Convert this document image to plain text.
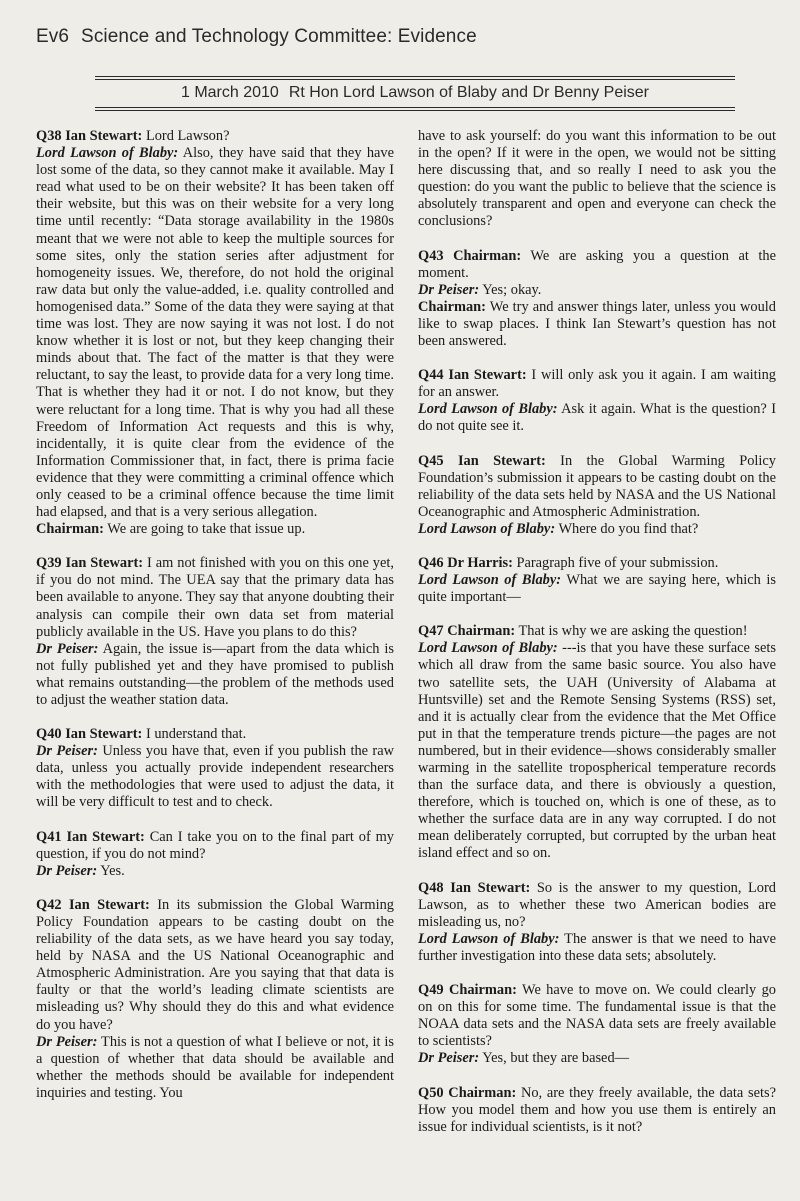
Ev6 Science and Technology Committee: Evidence
1 March 2010 Rt Hon Lord Lawson of Blaby and Dr Benny Peiser

Q38 Ian Stewart: Lord Lawson?

Lord Lawson of Blaby: Also, they have said that they have lost some of the data, so they cannot make it available. May I read what used to be on their website? It has been taken off their website, but this was on their website for a very long time until recently: “Data storage availability in the 1980s meant that we were not able to keep the multiple sources for some sites, only the station series after adjustment for homogeneity issues. We, therefore, do not hold the original raw data but only the value-added, i.e. quality controlled and homogenised data.” Some of the data they were saying at that time was lost. They are now saying it was not lost. I do not know whether it is lost or not, but they keep changing their minds about that. The fact of the matter is that they were reluctant, to say the least, to provide data for a very long time. That is whether they had it or not. I do not know, but they were reluctant for a long time. That is why you had all these Freedom of Information Act requests and this is why, incidentally, it is quite clear from the evidence of the Information Commissioner that, in fact, there is prima facie evidence that they were committing a criminal offence which only ceased to be a criminal offence because the time limit had elapsed, and that is a very serious allegation.

Chairman: We are going to take that issue up.

Q39 Ian Stewart: I am not finished with you on this one yet, if you do not mind. The UEA say that the primary data has been available to anyone. They say that anyone doubting their analysis can compile their own data set from material publicly available in the US. Have you plans to do this?

Dr Peiser: Again, the issue is—apart from the data which is not fully published yet and they have promised to publish what remains outstanding—the problem of the methods used to adjust the weather station data.

Q40 Ian Stewart: I understand that.

Dr Peiser: Unless you have that, even if you publish the raw data, unless you actually provide independent researchers with the methodologies that were used to adjust the data, it will be very difficult to test and to check.

Q41 Ian Stewart: Can I take you on to the final part of my question, if you do not mind?

Dr Peiser: Yes.

Q42 Ian Stewart: In its submission the Global Warming Policy Foundation appears to be casting doubt on the reliability of the data sets, as we have heard you say today, held by NASA and the US National Oceanographic and Atmospheric Administration. Are you saying that that data is faulty or that the world’s leading climate scientists are misleading us? Why should they do this and what evidence do you have?

Dr Peiser: This is not a question of what I believe or not, it is a question of whether that data should be available and whether the methods should be available for independent inquiries and testing. You

have to ask yourself: do you want this information to be out in the open? If it were in the open, we would not be sitting here discussing that, and so really I need to ask you the question: do you want the public to believe that the science is absolutely transparent and open and everyone can check the conclusions?

Q43 Chairman: We are asking you a question at the moment.

Dr Peiser: Yes; okay.

Chairman: We try and answer things later, unless you would like to swap places. I think Ian Stewart’s question has not been answered.

Q44 Ian Stewart: I will only ask you it again. I am waiting for an answer.

Lord Lawson of Blaby: Ask it again. What is the question? I do not quite see it.

Q45 Ian Stewart: In the Global Warming Policy Foundation’s submission it appears to be casting doubt on the reliability of the data sets held by NASA and the US National Oceanographic and Atmospheric Administration.

Lord Lawson of Blaby: Where do you find that?

Q46 Dr Harris: Paragraph five of your submission.

Lord Lawson of Blaby: What we are saying here, which is quite important—

Q47 Chairman: That is why we are asking the question!

Lord Lawson of Blaby: ---is that you have these surface sets which all draw from the same basic source. You also have two satellite sets, the UAH (University of Alabama at Huntsville) set and the Remote Sensing Systems (RSS) set, and it is actually clear from the evidence that the Met Office put in that the temperature trends picture—the pages are not numbered, but in their evidence—shows considerably smaller warming in the satellite tropospherical temperature records than the surface data, and there is obviously a question, therefore, which is touched on, which is one of these, as to whether the surface data are in any way corrupted. I do not mean deliberately corrupted, but corrupted by the urban heat island effect and so on.

Q48 Ian Stewart: So is the answer to my question, Lord Lawson, as to whether these two American bodies are misleading us, no?

Lord Lawson of Blaby: The answer is that we need to have further investigation into these data sets; absolutely.

Q49 Chairman: We have to move on. We could clearly go on on this for some time. The fundamental issue is that the NOAA data sets and the NASA data sets are freely available to scientists?

Dr Peiser: Yes, but they are based—

Q50 Chairman: No, are they freely available, the data sets? How you model them and how you use them is entirely an issue for individual scientists, is it not?
